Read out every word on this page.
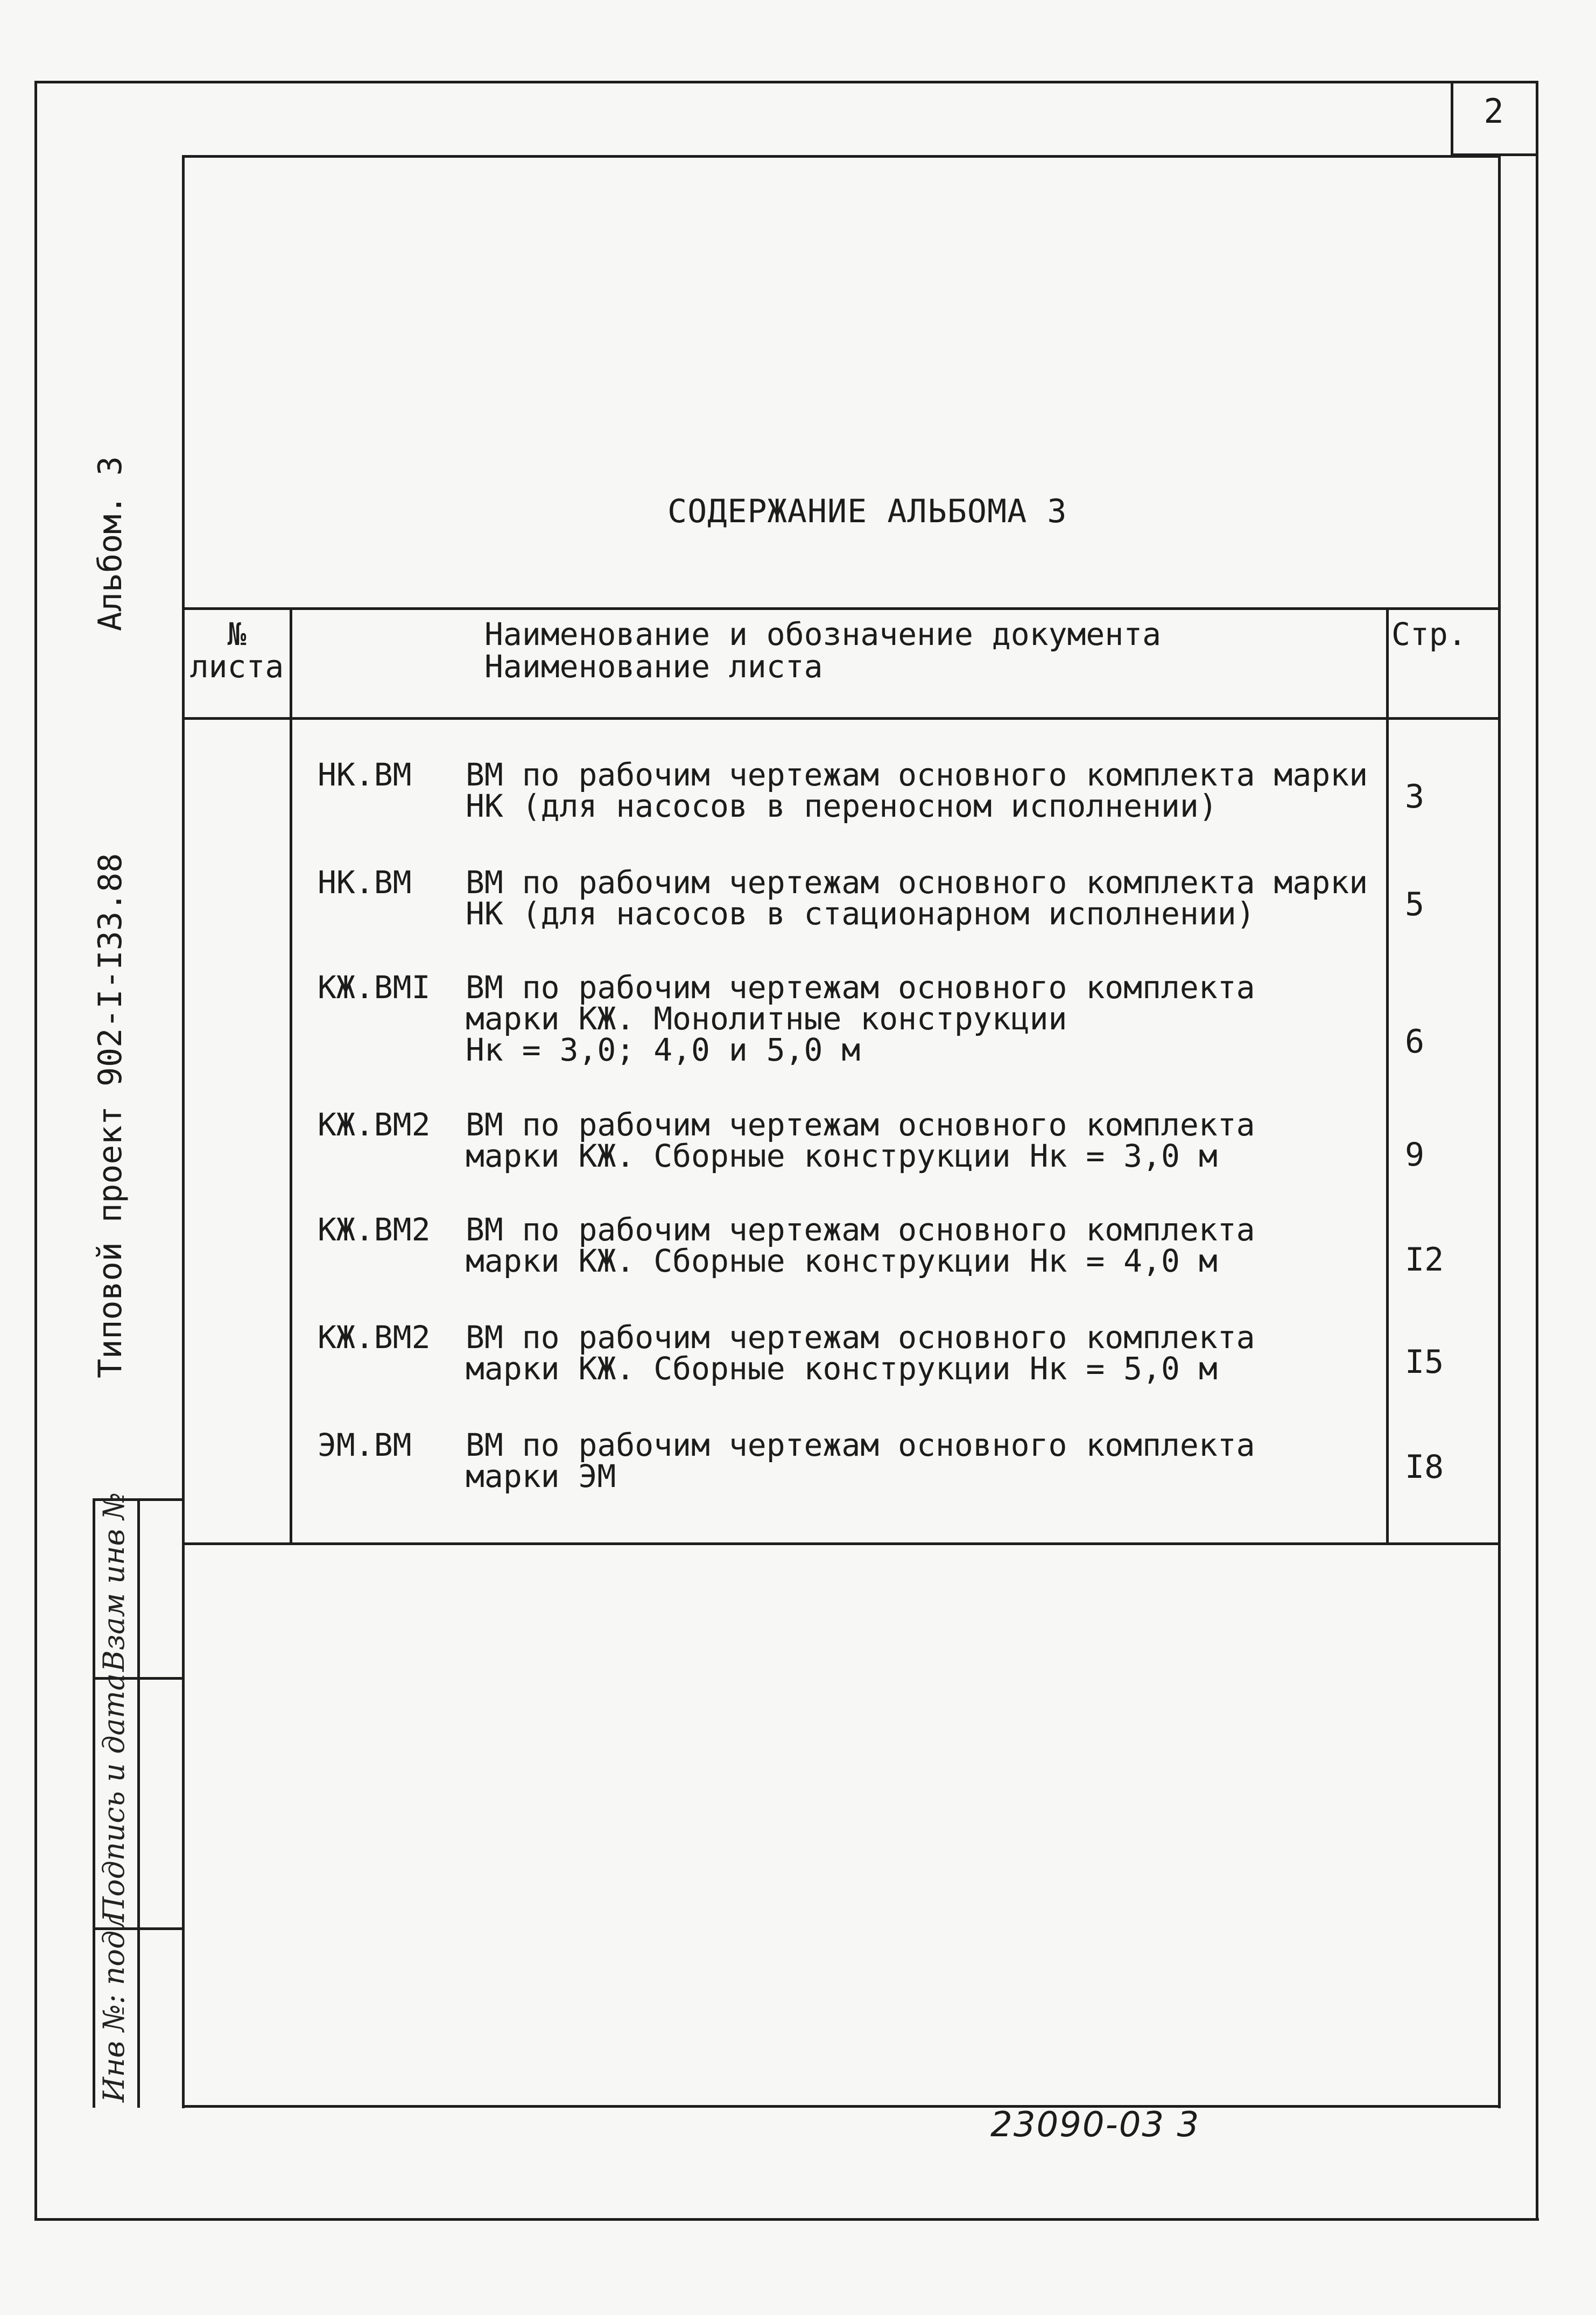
2
СОДЕРЖАНИЕ АЛЬБОМА 3
№
листа
Наименование и обозначение документа
Наименование листа
Стр.
НК.ВМ ВМ по рабочим чертежам основного комплекта марки
НК (для насосов в переносном исполнении)	3
НК.ВМ ВМ по рабочим чертежам основного комплекта марки
НК (для насосов в стационарном исполнении)	5
КЖ.ВМI ВМ по рабочим чертежам основного комплекта
марки КЖ. Монолитные конструкции
Нк = 3,0; 4,0 и 5,0 м	6
КЖ.ВМ2 ВМ по рабочим чертежам основного комплекта
марки КЖ. Сборные конструкции Нк = 3,0 м	9
КЖ.ВМ2 ВМ по рабочим чертежам основного комплекта
марки КЖ. Сборные конструкции Нк = 4,0 м	I2
КЖ.ВМ2 ВМ по рабочим чертежам основного комплекта
марки КЖ. Сборные конструкции Нк = 5,0 м	I5
ЭМ.ВМ ВМ по рабочим чертежам основного комплекта
марки ЭМ	I8
Типовой проект 902-I-I33.88  Альбом. 3
Взам инв №
Подпись и дата
Инв №: подл
23090-03 3
